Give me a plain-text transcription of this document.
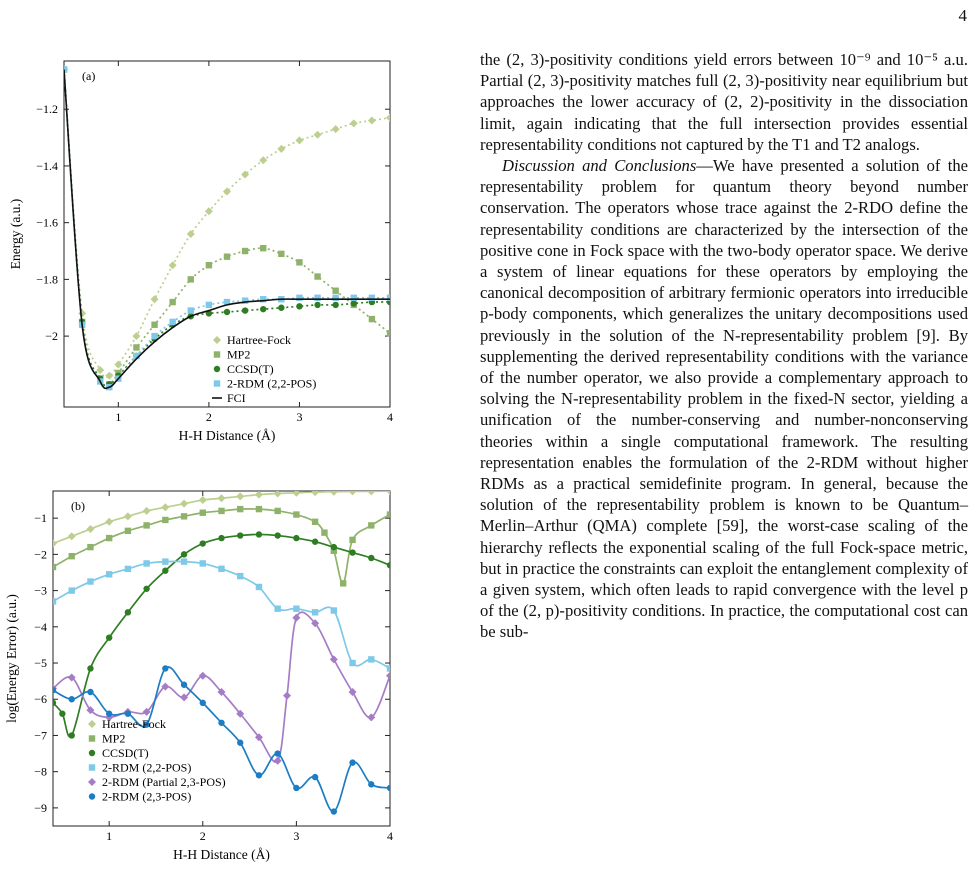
4
1	2	3	4
−1.2
−1.4
−1.6
−1.8
−2
H-H Distance (Å)
Energy (a.u.)
(a)
Hartree-Fock
MP2
CCSD(T)
2-RDM (2,2-POS)
FCI
1	2	3	4
−1
−2
−3
−4
−5
−6
−7
−8
−9
H-H Distance (Å)
log(Energy Error) (a.u.)
(b)
Hartree-Fock
MP2
CCSD(T)
2-RDM (2,2-POS)
2-RDM (Partial 2,3-POS)
2-RDM (2,3-POS)

the (2, 3)-positivity conditions yield errors between 10⁻⁹ and 10⁻⁵ a.u. Partial (2, 3)-positivity matches full (2, 3)-positivity near equilibrium but approaches the lower accuracy of (2, 2)-positivity in the dissociation limit, again indicating that the full intersection provides essential representability conditions not captured by the T1 and T2 analogs.

Discussion and Conclusions—We have presented a solution of the representability problem for quantum theory beyond number conservation. The operators whose trace against the 2-RDO define the representability conditions are characterized by the intersection of the positive cone in Fock space with the two-body operator space. We derive a system of linear equations for these operators by employing the canonical decomposition of arbitrary fermionic operators into irreducible p-body components, which generalizes the unitary decompositions used previously in the solution of the N-representability problem [9]. By supplementing the derived representability conditions with the variance of the number operator, we also provide a complementary approach to solving the N-representability problem in the fixed-N sector, yielding a unification of the number-conserving and number-nonconserving theories within a single computational framework. The resulting representation enables the formulation of the 2-RDM without higher RDMs as a practical semidefinite program. In general, because the solution of the representability problem is known to be Quantum–Merlin–Arthur (QMA) complete [59], the worst-case scaling of the hierarchy reflects the exponential scaling of the full Fock-space metric, but in practice the constraints can exploit the entanglement complexity of a given system, which often leads to rapid convergence with the level p of the (2, p)-positivity conditions. In practice, the computational cost can be sub-
